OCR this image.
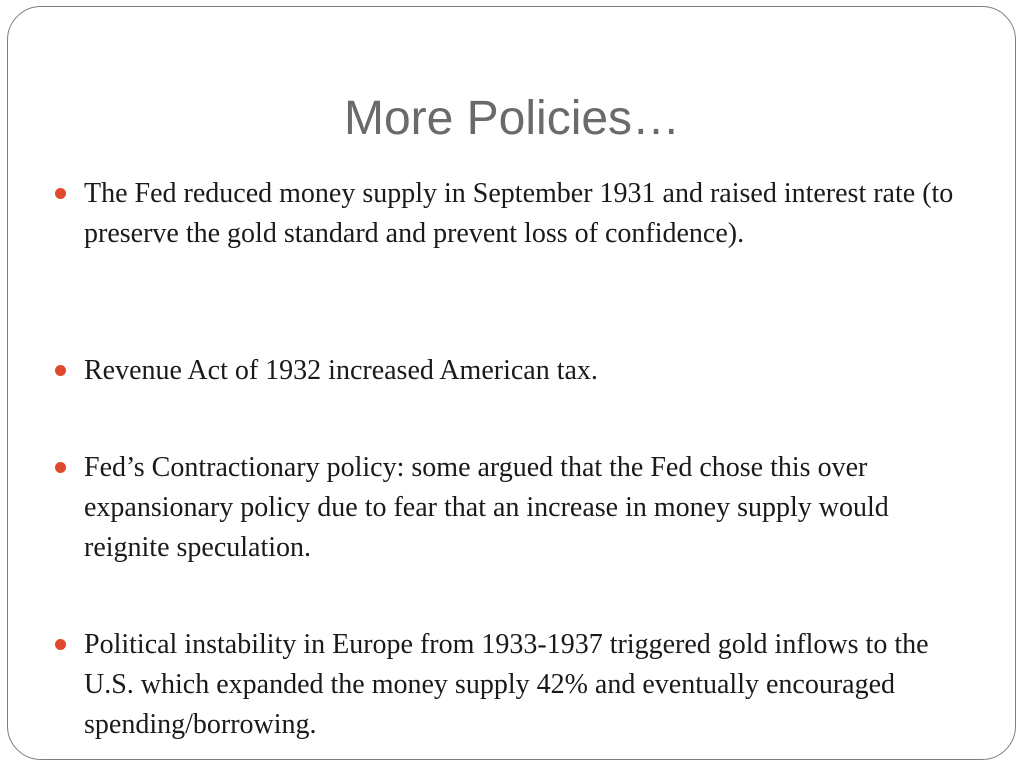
More Policies…
The Fed reduced money supply in September 1931 and raised interest rate (to preserve the gold standard and prevent loss of confidence).
Revenue Act of 1932 increased American tax.
Fed’s Contractionary policy: some argued that the Fed chose this over expansionary policy due to fear that an increase in money supply would reignite speculation.
Political instability in Europe from 1933-1937 triggered gold inflows to the U.S. which expanded the money supply 42% and eventually encouraged spending/borrowing.
